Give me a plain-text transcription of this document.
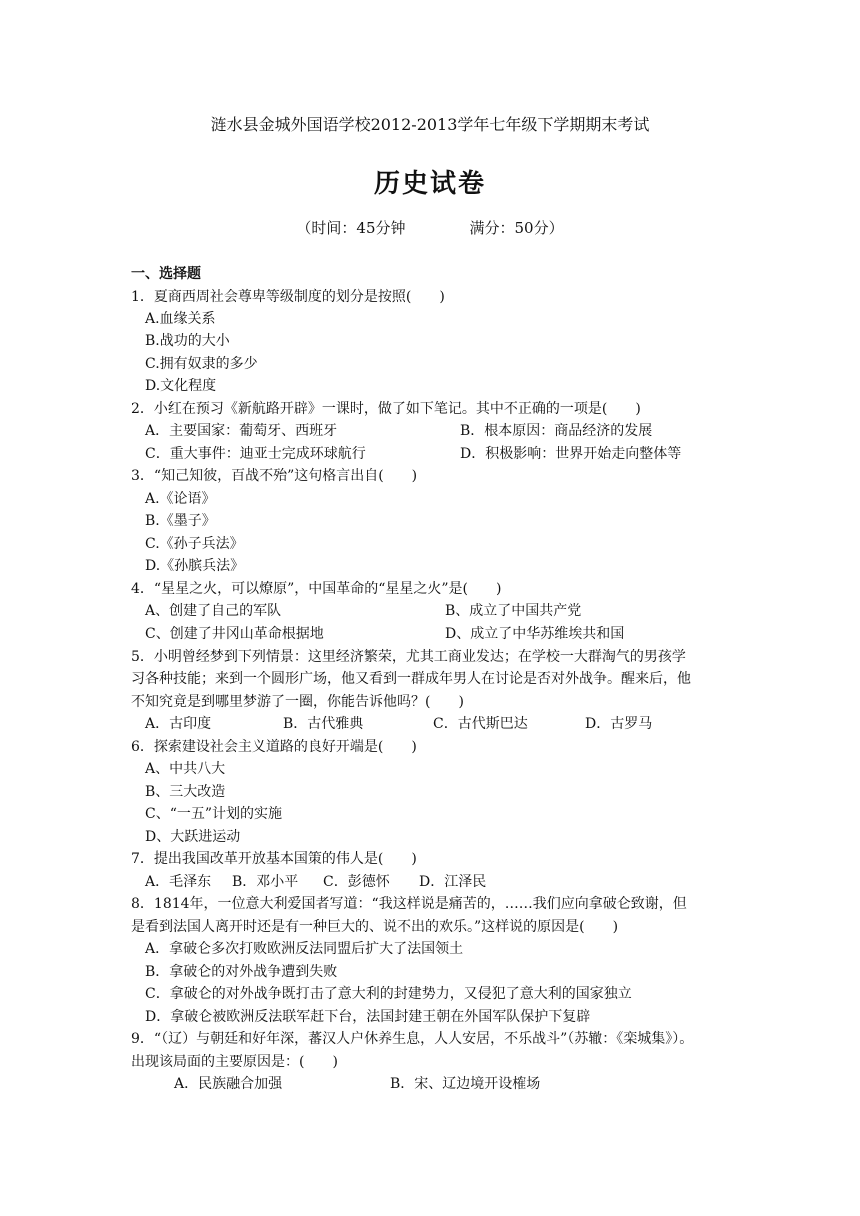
涟水县金城外国语学校2012-2013学年七年级下学期期末考试
历史试卷
（时间：45分钟	满分：50分）
一、选择题
1．夏商西周社会尊卑等级制度的划分是按照(　　)
A.血缘关系
B.战功的大小
C.拥有奴隶的多少
D.文化程度
2．小红在预习《新航路开辟》一课时，做了如下笔记。其中不正确的一项是(　　)
A．主要国家：葡萄牙、西班牙	B．根本原因：商品经济的发展
C．重大事件：迪亚士完成环球航行	D．积极影响：世界开始走向整体等
3．“知己知彼，百战不殆”这句格言出自(　　)
A.《论语》
B.《墨子》
C.《孙子兵法》
D.《孙膑兵法》
4．“星星之火，可以燎原”，中国革命的“星星之火”是(　　)
A、创建了自己的军队	B、成立了中国共产党
C、创建了井冈山革命根据地	D、成立了中华苏维埃共和国
5．小明曾经梦到下列情景：这里经济繁荣，尤其工商业发达；在学校一大群淘气的男孩学
习各种技能；来到一个圆形广场，他又看到一群成年男人在讨论是否对外战争。醒来后，他
不知究竟是到哪里梦游了一圈，你能告诉他吗？(　　)
A．古印度	B．古代雅典	C．古代斯巴达	D．古罗马
6．探索建设社会主义道路的良好开端是(　　)
A、中共八大
B、三大改造
C、“一五”计划的实施
D、大跃进运动
7．提出我国改革开放基本国策的伟人是(　　)
A．毛泽东 B．邓小平 C．彭德怀 D．江泽民
8．1814年，一位意大利爱国者写道：“我这样说是痛苦的，……我们应向拿破仑致谢，但
是看到法国人离开时还是有一种巨大的、说不出的欢乐。”这样说的原因是(　　)
A．拿破仑多次打败欧洲反法同盟后扩大了法国领土
B．拿破仑的对外战争遭到失败
C．拿破仑的对外战争既打击了意大利的封建势力，又侵犯了意大利的国家独立
D．拿破仑被欧洲反法联军赶下台，法国封建王朝在外国军队保护下复辟
9．“（辽）与朝廷和好年深，蕃汉人户休养生息，人人安居，不乐战斗”（苏辙：《栾城集》）。
出现该局面的主要原因是：(　　)
A．民族融合加强	B．宋、辽边境开设榷场
